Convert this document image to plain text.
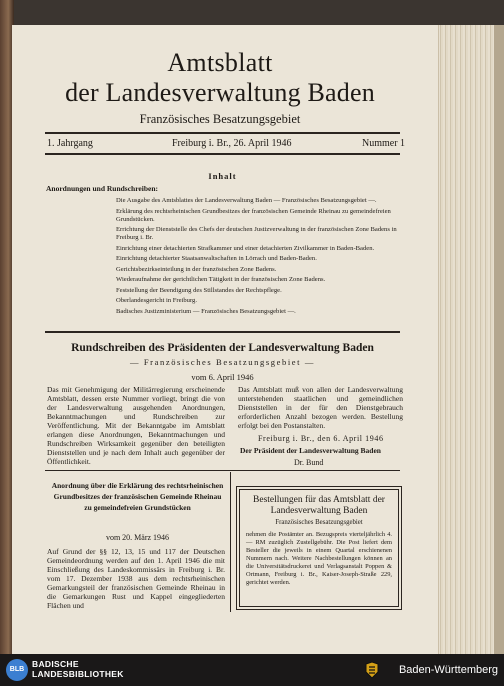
Amtsblatt
der Landesverwaltung Baden
Französisches Besatzungsgebiet
1. Jahrgang	Freiburg i. Br., 26. April 1946	Nummer 1
Inhalt
Anordnungen und Rundschreiben:
Die Ausgabe des Amtsblattes der Landesverwaltung Baden — Französisches Besatzungsgebiet —.
Erklärung des rechtsrheinischen Grundbesitzes der französischen Gemeinde Rheinau zu gemeindefreien Grundstücken.
Errichtung der Dienststelle des Chefs der deutschen Justizverwaltung in der französischen Zone Badens in Freiburg i. Br.
Einrichtung einer detachierten Strafkammer und einer detachierten Zivilkammer in Baden-Baden.
Einrichtung detachierter Staatsanwaltschaften in Lörrach und Baden-Baden.
Gerichtsbezirkseinteilung in der französischen Zone Badens.
Wiederaufnahme der gerichtlichen Tätigkeit in der französischen Zone Badens.
Feststellung der Beendigung des Stillstandes der Rechtspflege.
Oberlandesgericht in Freiburg.
Badisches Justizministerium — Französisches Besatzungsgebiet —.
Rundschreiben des Präsidenten der Landesverwaltung Baden
— Französisches Besatzungsgebiet —
vom 6. April 1946
Das mit Genehmigung der Militärregierung erscheinende Amtsblatt, dessen erste Nummer vorliegt, bringt die von der Landesverwaltung ausgehenden Anordnungen, Bekanntmachungen und Rundschreiben zur Veröffentlichung. Mit der Bekanntgabe im Amtsblatt erlangen diese Anordnungen, Bekanntmachungen und Rundschreiben Wirksamkeit gegenüber den beteiligten Dienststellen und je nach dem Inhalt auch gegenüber der Öffentlichkeit.
Das Amtsblatt muß von allen der Landesverwaltung unterstehenden staatlichen und gemeindlichen Dienststellen in der für den Dienstgebrauch erforderlichen Anzahl bezogen werden. Bestellung erfolgt bei den Postanstalten.
Freiburg i. Br., den 6. April 1946
Der Präsident der Landesverwaltung Baden
Dr. Bund
Anordnung über die Erklärung des rechtsrheinischen Grundbesitzes der französischen Gemeinde Rheinau zu gemeindefreien Grundstücken
vom 20. März 1946
Auf Grund der §§ 12, 13, 15 und 117 der Deutschen Gemeindeordnung werden auf den 1. April 1946 die mit Einschließung des Landeskommissärs in Freiburg i. Br. vom 17. Dezember 1938 aus dem rechtsrheinischen Gemarkungsteil der französischen Gemeinde Rheinau in die Gemarkungen Rust und Kappel eingegliederten Flächen und
Bestellungen für das Amtsblatt der Landesverwaltung Baden
Französisches Besatzungsgebiet
nehmen die Postämter an. Bezugspreis vierteljährlich 4.— RM zuzüglich Zustellgebühr. Die Post liefert dem Besteller die jeweils in einem Quartal erschienenen Nummern nach. Weitere Nachbestellungen können an die Universitätsdruckerei und Verlagsanstalt Poppen & Ortmann, Freiburg i. Br., Kaiser-Joseph-Straße 229, gerichtet werden.
BLB
BADISCHE
LANDESBIBLIOTHEK	Baden-Württemberg
